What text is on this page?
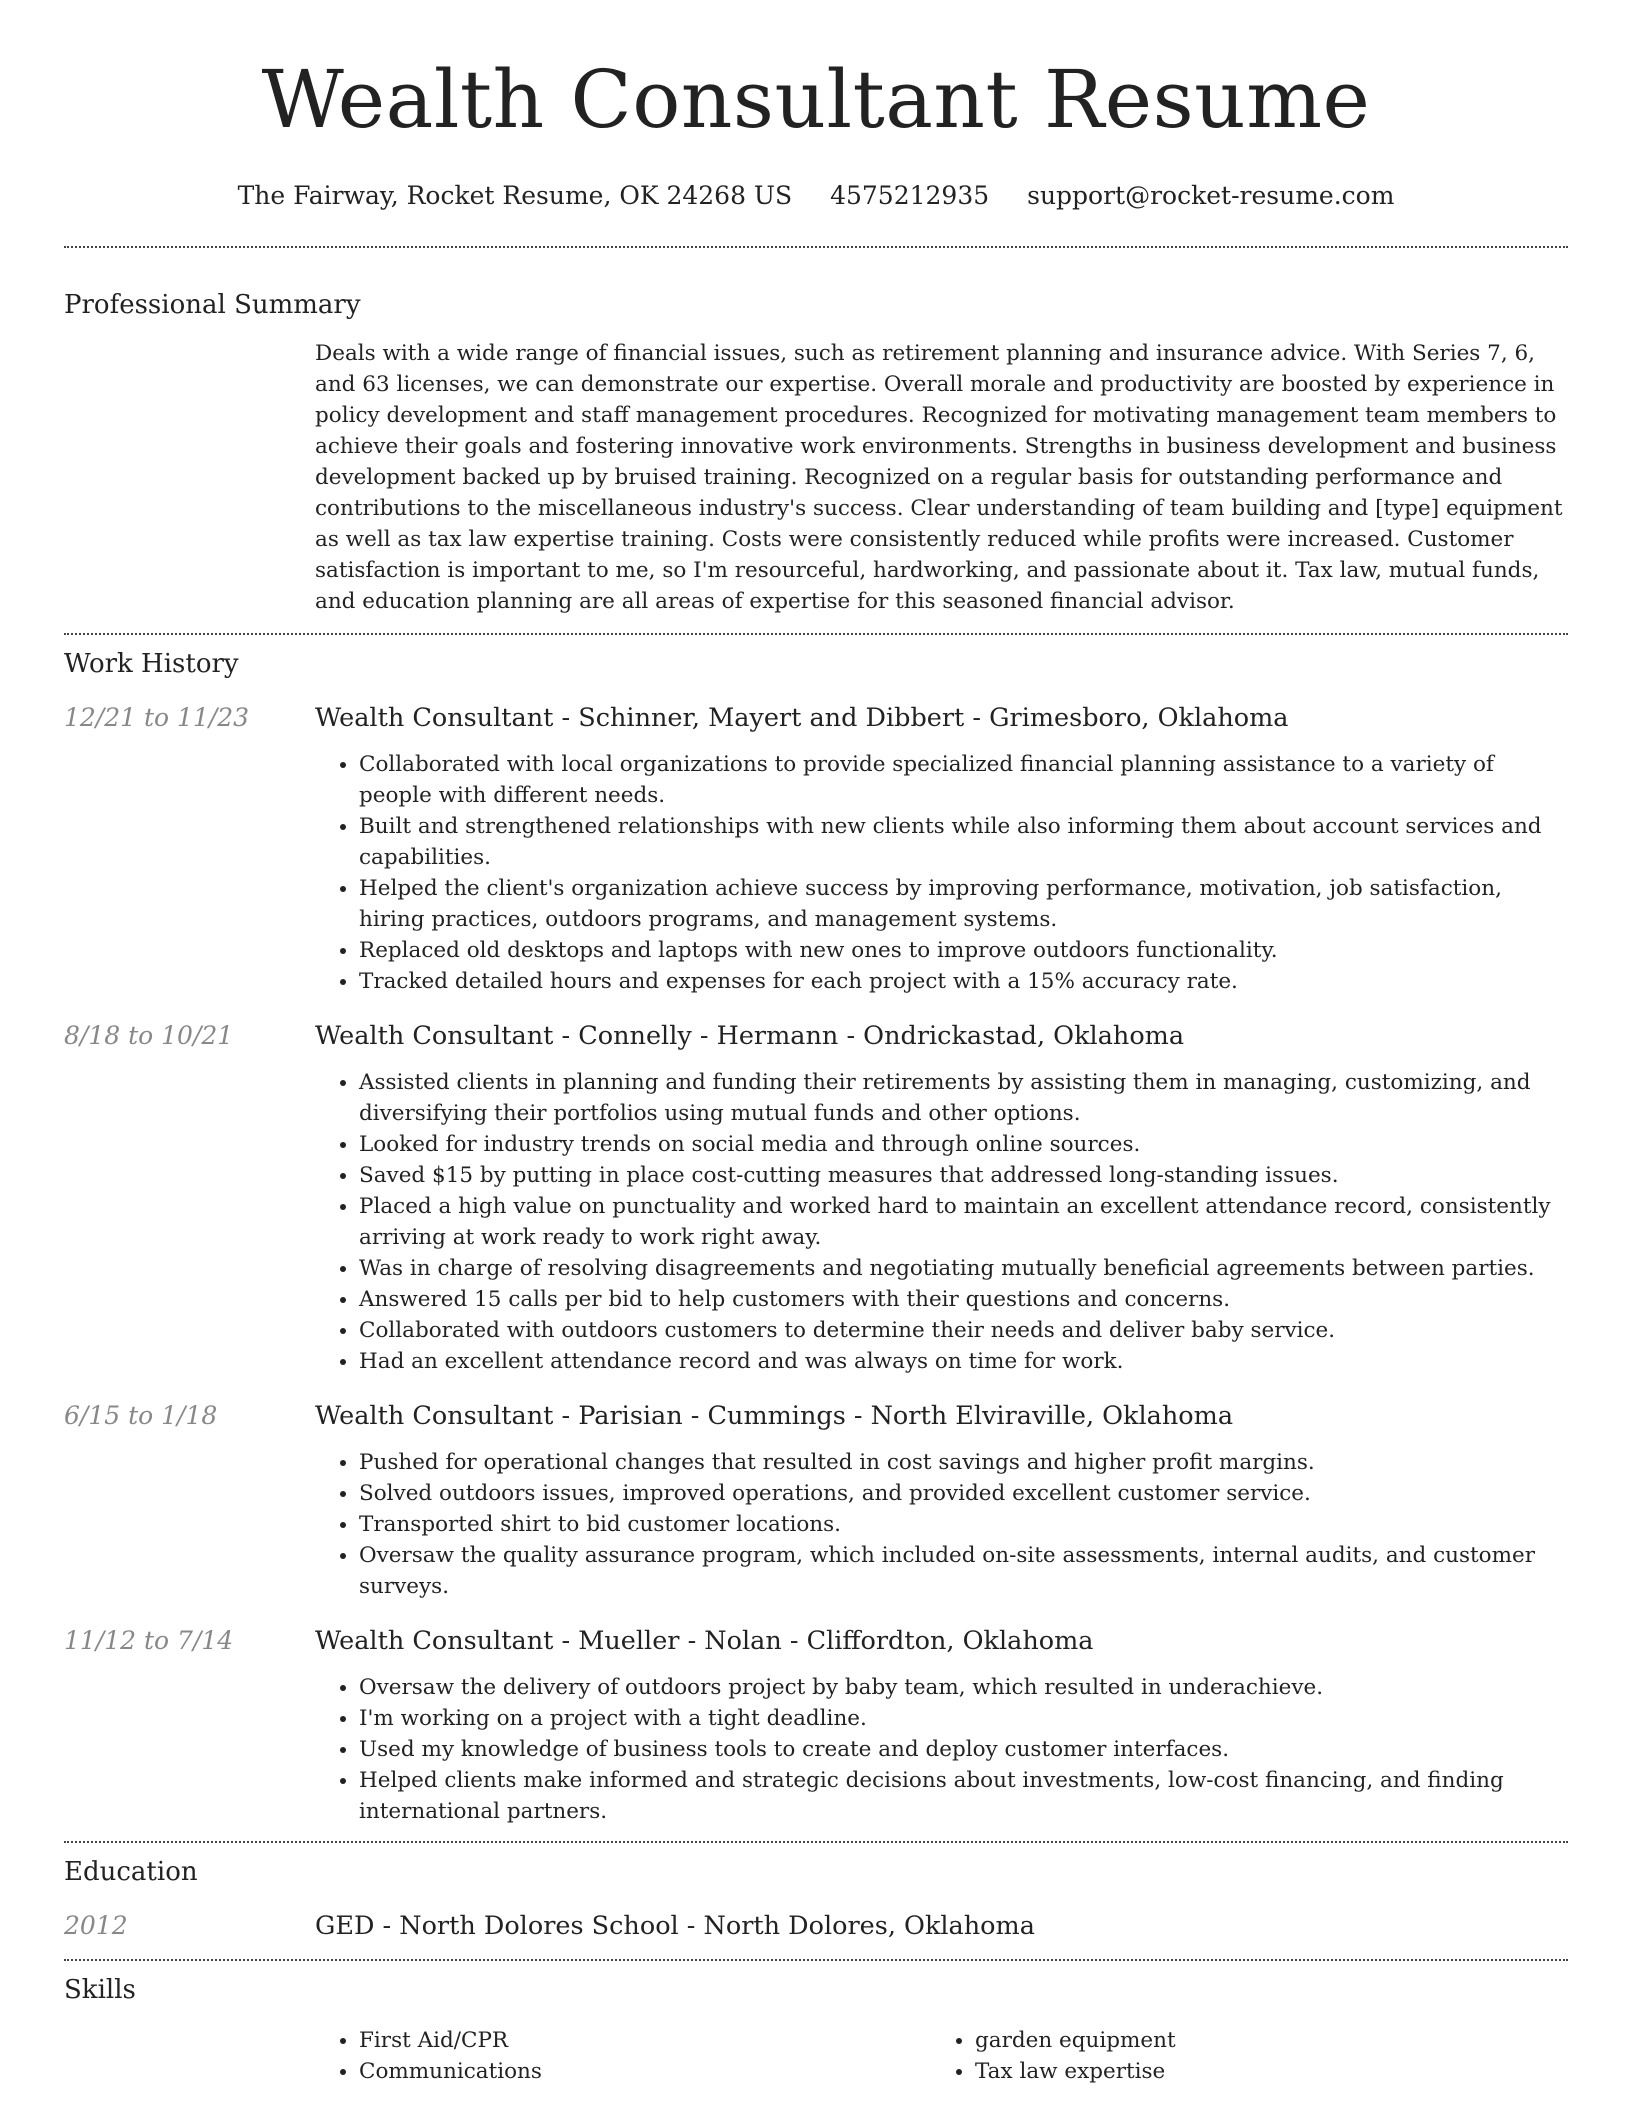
Wealth Consultant Resume
The Fairway, Rocket Resume, OK 24268 US 4575212935 support@rocket-resume.com
Professional Summary

Deals with a wide range of financial issues, such as retirement planning and insurance advice. With Series 7, 6, and 63 licenses, we can demonstrate our expertise. Overall morale and productivity are boosted by experience in policy development and staff management procedures. Recognized for motivating management team members to achieve their goals and fostering innovative work environments. Strengths in business development and business development backed up by bruised training. Recognized on a regular basis for outstanding performance and contributions to the miscellaneous industry's success. Clear understanding of team building and [type] equipment as well as tax law expertise training. Costs were consistently reduced while profits were increased. Customer satisfaction is important to me, so I'm resourceful, hardworking, and passionate about it. Tax law, mutual funds, and education planning are all areas of expertise for this seasoned financial advisor.

Work History
12/21 to 11/23	Wealth Consultant - Schinner, Mayert and Dibbert - Grimesboro, Oklahoma
• Collaborated with local organizations to provide specialized financial planning assistance to a variety of people with different needs.
• Built and strengthened relationships with new clients while also informing them about account services and capabilities.
• Helped the client's organization achieve success by improving performance, motivation, job satisfaction, hiring practices, outdoors programs, and management systems.
• Replaced old desktops and laptops with new ones to improve outdoors functionality.
• Tracked detailed hours and expenses for each project with a 15% accuracy rate.
8/18 to 10/21	Wealth Consultant - Connelly - Hermann - Ondrickastad, Oklahoma
• Assisted clients in planning and funding their retirements by assisting them in managing, customizing, and diversifying their portfolios using mutual funds and other options.
• Looked for industry trends on social media and through online sources.
• Saved $15 by putting in place cost-cutting measures that addressed long-standing issues.
• Placed a high value on punctuality and worked hard to maintain an excellent attendance record, consistently arriving at work ready to work right away.
• Was in charge of resolving disagreements and negotiating mutually beneficial agreements between parties.
• Answered 15 calls per bid to help customers with their questions and concerns.
• Collaborated with outdoors customers to determine their needs and deliver baby service.
• Had an excellent attendance record and was always on time for work.
6/15 to 1/18	Wealth Consultant - Parisian - Cummings - North Elviraville, Oklahoma
• Pushed for operational changes that resulted in cost savings and higher profit margins.
• Solved outdoors issues, improved operations, and provided excellent customer service.
• Transported shirt to bid customer locations.
• Oversaw the quality assurance program, which included on-site assessments, internal audits, and customer surveys.
11/12 to 7/14	Wealth Consultant - Mueller - Nolan - Cliffordton, Oklahoma
• Oversaw the delivery of outdoors project by baby team, which resulted in underachieve.
• I'm working on a project with a tight deadline.
• Used my knowledge of business tools to create and deploy customer interfaces.
• Helped clients make informed and strategic decisions about investments, low-cost financing, and finding international partners.
Education
2012	GED - North Dolores School - North Dolores, Oklahoma
Skills
• First Aid/CPR
• Communications
• garden equipment
• Tax law expertise
